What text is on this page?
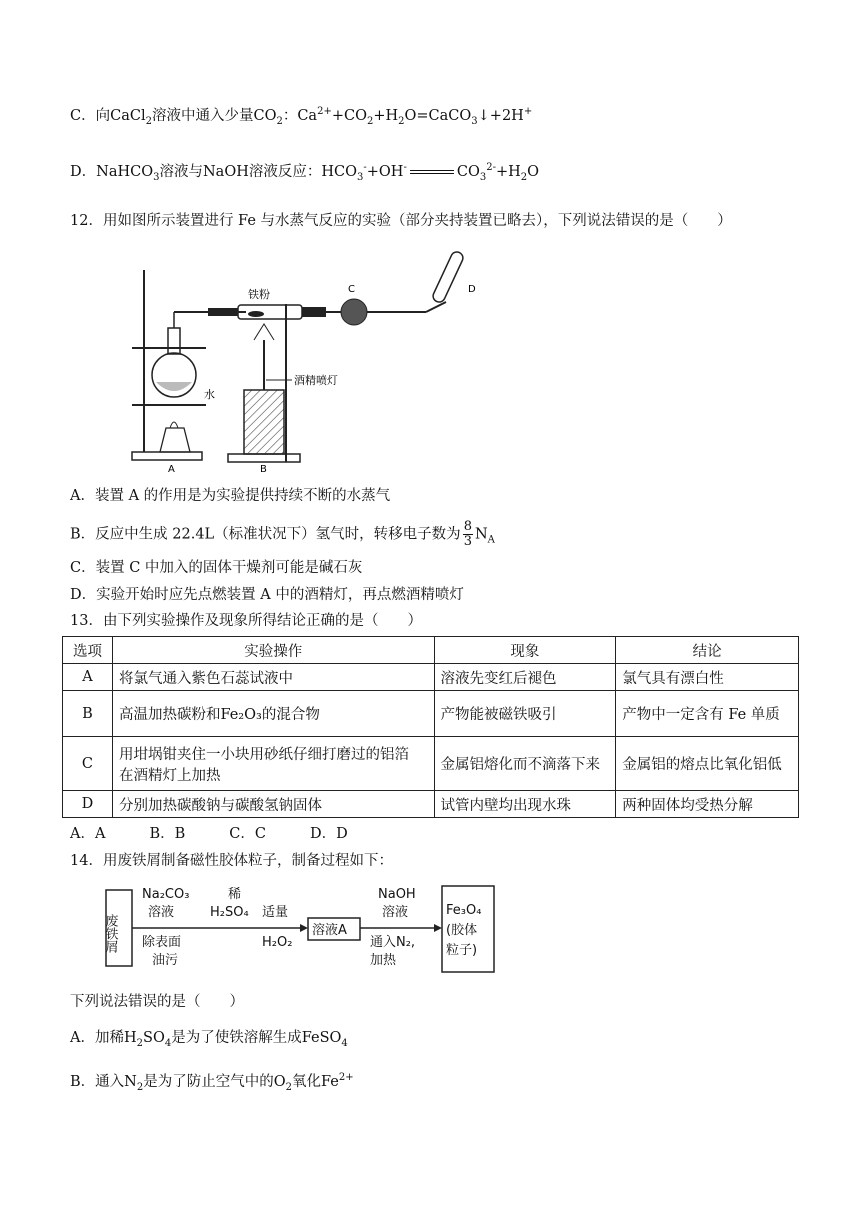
C．向CaCl$_2$溶液中通入少量$CO_2$：$Ca^{2+}+CO_2+H_2O=CaCO_3↓+2H^+$
D．NaHCO$_3$溶液与NaOH溶液反应：$HCO_3^-+OH^-$	$CO_3^{2-}+H_2O$
12．用如图所示装置进行 Fe 与水蒸气反应的实验（部分夹持装置已略去），下列说法错误的是（　　）
水
A
铁粉	C	D
酒精喷灯
B
A．装置 A 的作用是为实验提供持续不断的水蒸气
B．反应中生成 22.4L（标准状况下）氢气时，转移电子数为 $\frac{8}{3} N_A$
C．装置 C 中加入的固体干燥剂可能是碱石灰
D．实验开始时应先点燃装置 A 中的酒精灯，再点燃酒精喷灯
13．由下列实验操作及现象所得结论正确的是（　　）
选项	实验操作	现象	结论
A	将氯气通入紫色石蕊试液中	溶液先变红后褪色	氯气具有漂白性
B	高温加热碳粉和Fe₂O₃的混合物	产物能被磁铁吸引	产物中一定含有 Fe 单质
C	用坩埚钳夹住一小块用砂纸仔细打磨过的铝箔
在酒精灯上加热	金属铝熔化而不滴落下来	金属铝的熔点比氧化铝低
D	分别加热碳酸钠与碳酸氢钠固体	试管内壁均出现水珠	两种固体均受热分解
A．A	B．B	C．C	D．D
14．用废铁屑制备磁性胶体粒子，制备过程如下：
废铁屑
Na₂CO₃
溶液
除表面
油污
稀
H₂SO₄ 适量
H₂O₂
溶液A
NaOH
溶液
通入N₂,
加热
Fe₃O₄
(胶体
粒子)
下列说法错误的是（　　）
A．加稀$H_2SO_4$是为了使铁溶解生成FeSO$_4$
B．通入$N_2$是为了防止空气中的$O_2$氧化$Fe^{2+}$
